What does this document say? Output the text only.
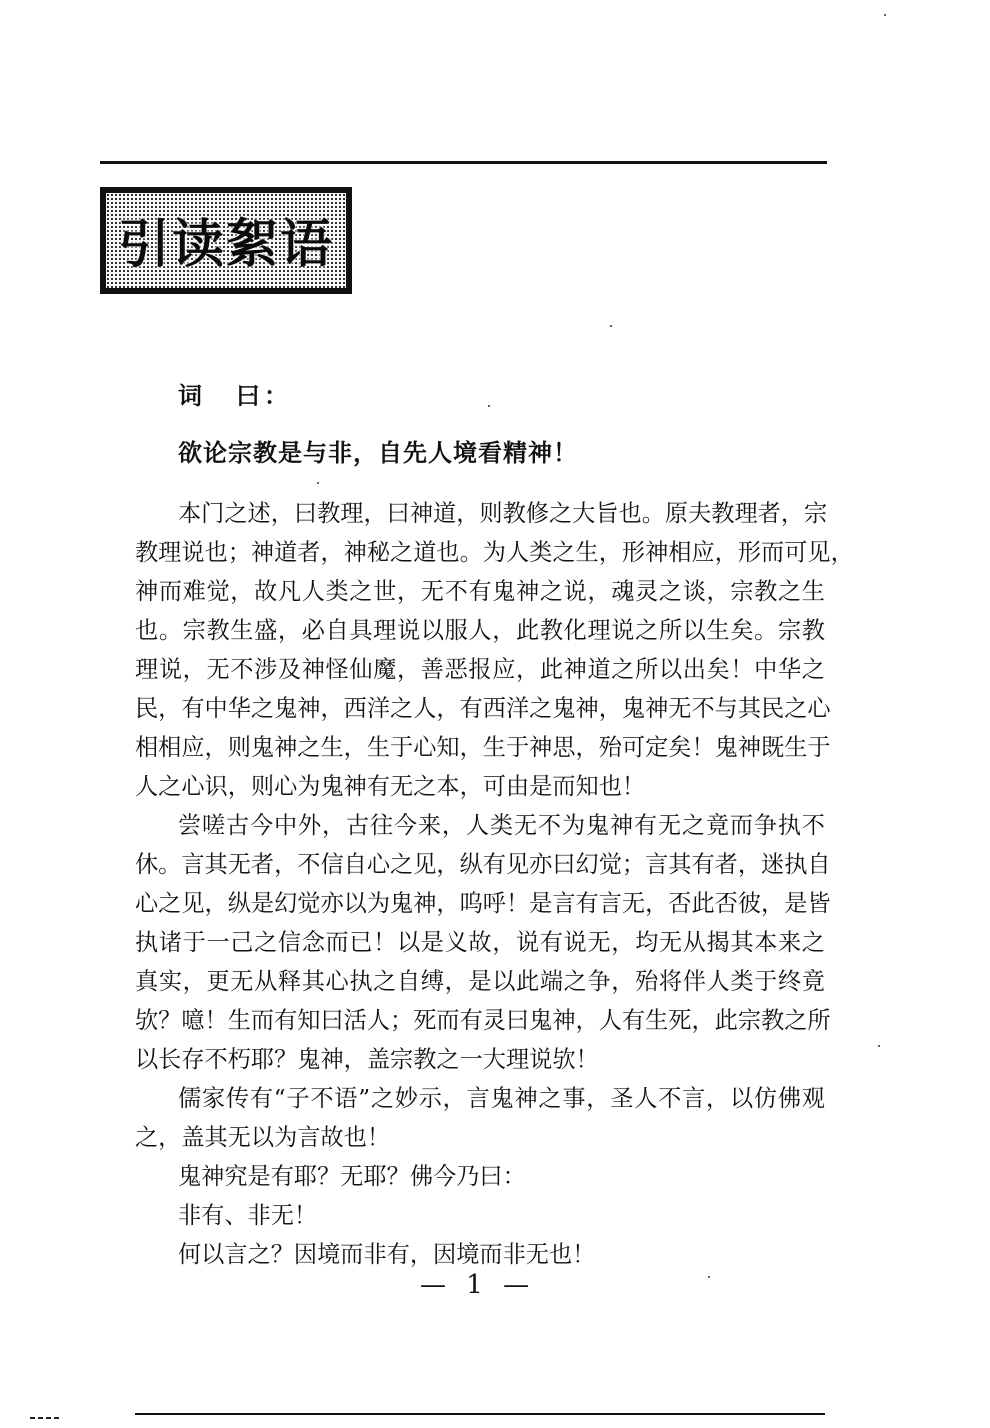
引读絮语
词 曰：
欲论宗教是与非，自先人境看精神！
本门之述，曰教理，曰神道，则教修之大旨也。原夫教理者，宗
教理说也；神道者，神秘之道也。为人类之生，形神相应，形而可见，
神而难觉，故凡人类之世，无不有鬼神之说，魂灵之谈，宗教之生
也。宗教生盛，必自具理说以服人，此教化理说之所以生矣。宗教
理说，无不涉及神怪仙魔，善恶报应，此神道之所以出矣！中华之
民，有中华之鬼神，西洋之人，有西洋之鬼神，鬼神无不与其民之心
相相应，则鬼神之生，生于心知，生于神思，殆可定矣！鬼神既生于
人之心识，则心为鬼神有无之本，可由是而知也！
尝嗟古今中外，古往今来，人类无不为鬼神有无之竟而争执不
休。言其无者，不信自心之见，纵有见亦曰幻觉；言其有者，迷执自
心之见，纵是幻觉亦以为鬼神，呜呼！是言有言无，否此否彼，是皆
执诸于一己之信念而已！以是义故，说有说无，均无从揭其本来之
真实，更无从释其心执之自缚，是以此端之争，殆将伴人类于终竟
欤？噫！生而有知曰活人；死而有灵曰鬼神，人有生死，此宗教之所
以长存不朽耶？鬼神，盖宗教之一大理说欤！
儒家传有“子不语”之妙示，言鬼神之事，圣人不言，以仿佛观
之，盖其无以为言故也！
鬼神究是有耶？无耶？佛今乃曰：
非有、非无！
何以言之？因境而非有，因境而非无也！
— 1 —
